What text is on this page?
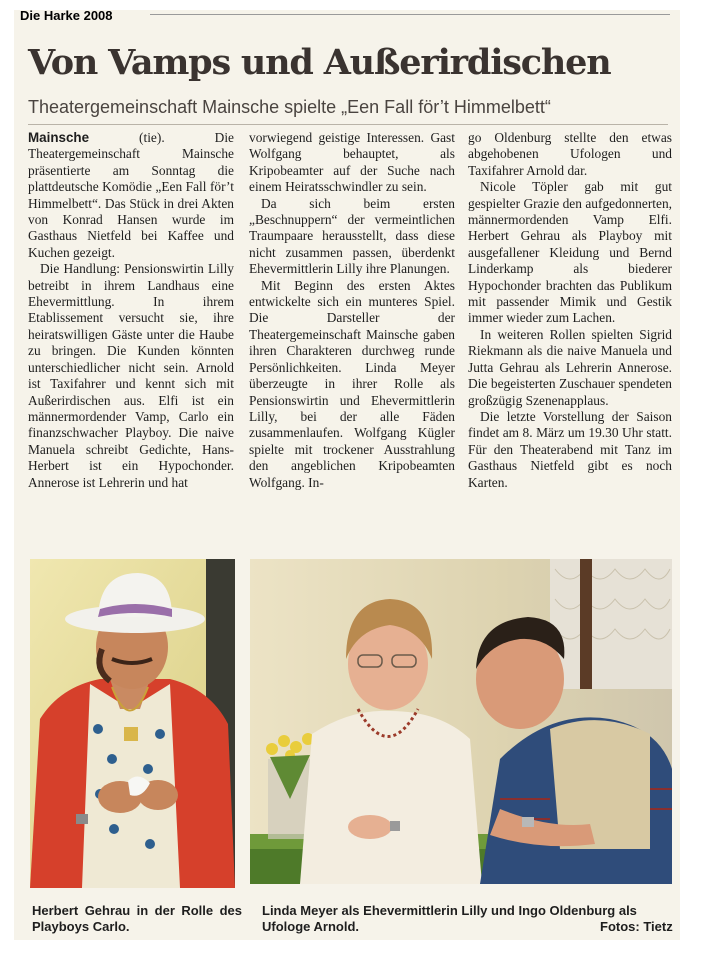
Die Harke 2008
Von Vamps und Außerirdischen
Theatergemeinschaft Mainsche spielte „Een Fall för’t Himmelbett“

Mainsche (tie). Die Theatergemeinschaft Mainsche präsentierte am Sonntag die plattdeutsche Komödie „Een Fall för’t Himmelbett“. Das Stück in drei Akten von Konrad Hansen wurde im Gasthaus Nietfeld bei Kaffee und Kuchen gezeigt.

Die Handlung: Pensionswirtin Lilly betreibt in ihrem Landhaus eine Ehevermittlung. In ihrem Etablissement versucht sie, ihre heiratswilligen Gäste unter die Haube zu bringen. Die Kunden könnten unterschiedlicher nicht sein. Arnold ist Taxifahrer und kennt sich mit Außerirdischen aus. Elfi ist ein männermordender Vamp, Carlo ein finanzschwacher Playboy. Die naive Manuela schreibt Gedichte, Hans-Herbert ist ein Hypochonder. Annerose ist Lehrerin und hat

vorwiegend geistige Interessen. Gast Wolfgang behauptet, als Kripobeamter auf der Suche nach einem Heiratsschwindler zu sein.

Da sich beim ersten „Beschnuppern“ der vermeintlichen Traumpaare herausstellt, dass diese nicht zusammen passen, überdenkt Ehevermittlerin Lilly ihre Planungen.

Mit Beginn des ersten Aktes entwickelte sich ein munteres Spiel. Die Darsteller der Theatergemeinschaft Mainsche gaben ihren Charakteren durchweg runde Persönlichkeiten. Linda Meyer überzeugte in ihrer Rolle als Pensionswirtin und Ehevermittlerin Lilly, bei der alle Fäden zusammenlaufen. Wolfgang Kügler spielte mit trockener Ausstrahlung den angeblichen Kripobeamten Wolfgang. In-

go Oldenburg stellte den etwas abgehobenen Ufologen und Taxifahrer Arnold dar.

Nicole Töpler gab mit gut gespielter Grazie den aufgedonnerten, männermordenden Vamp Elfi. Herbert Gehrau als Playboy mit ausgefallener Kleidung und Bernd Linderkamp als biederer Hypochonder brachten das Publikum mit passender Mimik und Gestik immer wieder zum Lachen.

In weiteren Rollen spielten Sigrid Riekmann als die naive Manuela und Jutta Gehrau als Lehrerin Annerose. Die begeisterten Zuschauer spendeten großzügig Szenenapplaus.

Die letzte Vorstellung der Saison findet am 8. März um 19.30 Uhr statt. Für den Theaterabend mit Tanz im Gasthaus Nietfeld gibt es noch Karten.

Herbert Gehrau in der Rolle des Playboys Carlo.
Linda Meyer als Ehevermittlerin Lilly und Ingo Oldenburg als Ufologe Arnold.	Fotos: Tietz
